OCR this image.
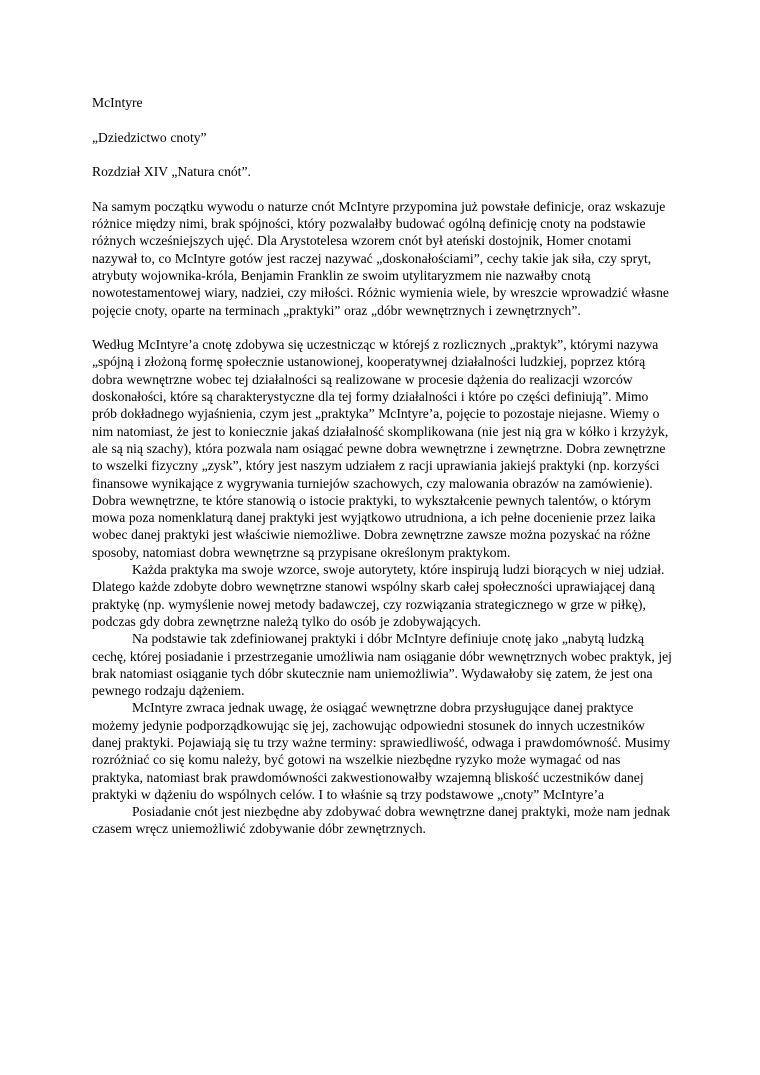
McIntyre

„Dziedzictwo cnoty”

Rozdział XIV „Natura cnót”.

Na samym początku wywodu o naturze cnót McIntyre przypomina już powstałe definicje, oraz wskazuje różnice między nimi, brak spójności, który pozwalałby budować ogólną definicję cnoty na podstawie różnych wcześniejszych ujęć. Dla Arystotelesa wzorem cnót był ateński dostojnik, Homer cnotami nazywał to, co McIntyre gotów jest raczej nazywać „doskonałościami”, cechy takie jak siła, czy spryt, atrybuty wojownika-króla, Benjamin Franklin ze swoim utylitaryzmem nie nazwałby cnotą nowotestamentowej wiary, nadziei, czy miłości. Różnic wymienia wiele, by wreszcie wprowadzić własne pojęcie cnoty, oparte na terminach „praktyki” oraz „dóbr wewnętrznych i zewnętrznych”.

Według McIntyre’a cnotę zdobywa się uczestnicząc w którejś z rozlicznych „praktyk”, którymi nazywa „spójną i złożoną formę społecznie ustanowionej, kooperatywnej działalności ludzkiej, poprzez którą dobra wewnętrzne wobec tej działalności są realizowane w procesie dążenia do realizacji wzorców doskonałości, które są charakterystyczne dla tej formy działalności i które po części definiują”. Mimo prób dokładnego wyjaśnienia, czym jest „praktyka” McIntyre’a, pojęcie to pozostaje niejasne. Wiemy o nim natomiast, że jest to koniecznie jakaś działalność skomplikowana (nie jest nią gra w kółko i krzyżyk, ale są nią szachy), która pozwala nam osiągać pewne dobra wewnętrzne i zewnętrzne. Dobra zewnętrzne to wszelki fizyczny „zysk”, który jest naszym udziałem z racji uprawiania jakiejś praktyki (np. korzyści finansowe wynikające z wygrywania turniejów szachowych, czy malowania obrazów na zamówienie). Dobra wewnętrzne, te które stanowią o istocie praktyki, to wykształcenie pewnych talentów, o którym mowa poza nomenklaturą danej praktyki jest wyjątkowo utrudniona, a ich pełne docenienie przez laika wobec danej praktyki jest właściwie niemożliwe. Dobra zewnętrzne zawsze można pozyskać na różne sposoby, natomiast dobra wewnętrzne są przypisane określonym praktykom.

Każda praktyka ma swoje wzorce, swoje autorytety, które inspirują ludzi biorących w niej udział. Dlatego każde zdobyte dobro wewnętrzne stanowi wspólny skarb całej społeczności uprawiającej daną praktykę (np. wymyślenie nowej metody badawczej, czy rozwiązania strategicznego w grze w piłkę), podczas gdy dobra zewnętrzne należą tylko do osób je zdobywających.

Na podstawie tak zdefiniowanej praktyki i dóbr McIntyre definiuje cnotę jako „nabytą ludzką cechę, której posiadanie i przestrzeganie umożliwia nam osiąganie dóbr wewnętrznych wobec praktyk, jej brak natomiast osiąganie tych dóbr skutecznie nam uniemożliwia”. Wydawałoby się zatem, że jest ona pewnego rodzaju dążeniem.

McIntyre zwraca jednak uwagę, że osiągać wewnętrzne dobra przysługujące danej praktyce możemy jedynie podporządkowując się jej, zachowując odpowiedni stosunek do innych uczestników danej praktyki. Pojawiają się tu trzy ważne terminy: sprawiedliwość, odwaga i prawdomówność. Musimy rozróżniać co się komu należy, być gotowi na wszelkie niezbędne ryzyko może wymagać od nas praktyka, natomiast brak prawdomówności zakwestionowałby wzajemną bliskość uczestników danej praktyki w dążeniu do wspólnych celów. I to właśnie są trzy podstawowe „cnoty” McIntyre’a

Posiadanie cnót jest niezbędne aby zdobywać dobra wewnętrzne danej praktyki, może nam jednak czasem wręcz uniemożliwić zdobywanie dóbr zewnętrznych.
